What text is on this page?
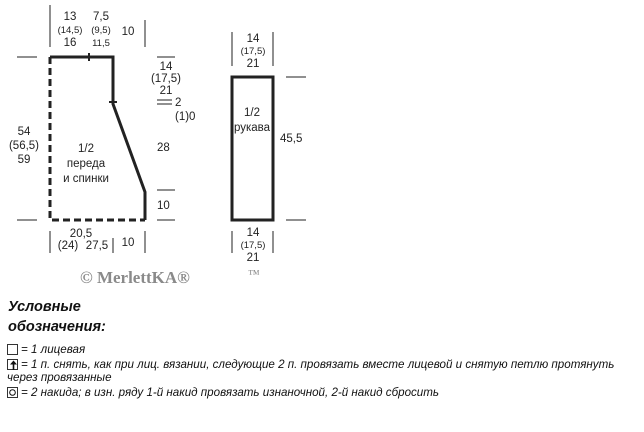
1/2
переда
и спинки
13
(14,5)
16
7,5
(9,5)
11,5
10
54
(56,5)
59
14
(17,5)
21
2
(1)0
28
10
20,5
(24) 27,5 10
1/2
рукава
14
(17,5)
21
45,5
14
(17,5)
21
© MerlettKA®	™
Условные
обозначения:
= 1 лицевая
= 1 п. снять, как при лиц. вязании, следующие 2 п. провязать вместе лицевой и снятую петлю протянуть через провязанные
= 2 накида; в изн. ряду 1-й накид провязать изнаночной, 2-й накид сбросить
